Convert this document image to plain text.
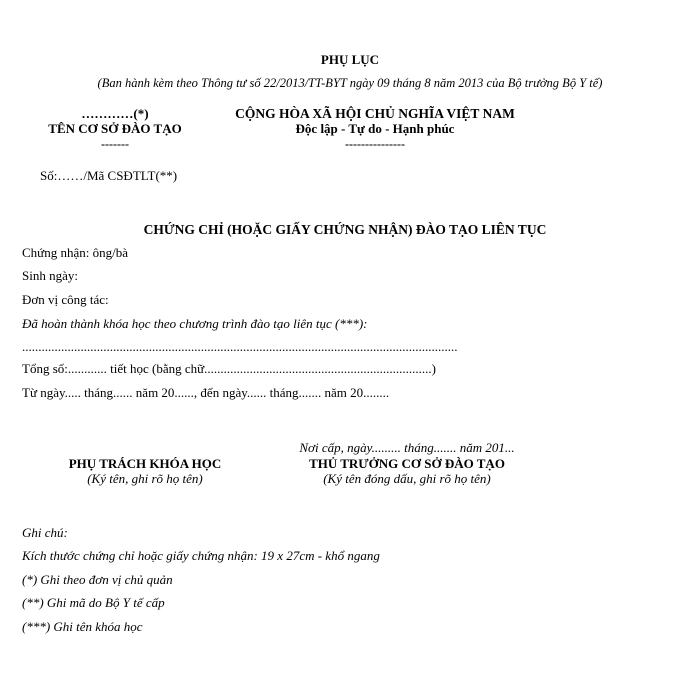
PHỤ LỤC
(Ban hành kèm theo Thông tư số 22/2013/TT-BYT ngày 09 tháng 8 năm 2013 của Bộ trưởng Bộ Y tế)
…………(*)
TÊN CƠ SỞ ĐÀO TẠO
-------
Số:……/Mã CSĐTLT(**)
CỘNG HÒA XÃ HỘI CHỦ NGHĨA VIỆT NAM
Độc lập - Tự do - Hạnh phúc
---------------
CHỨNG CHỈ (HOẶC GIẤY CHỨNG NHẬN) ĐÀO TẠO LIÊN TỤC
Chứng nhận: ông/bà
Sinh ngày:
Đơn vị công tác:
Đã hoàn thành khóa học theo chương trình đào tạo liên tục (***):
......................................................................................................................................
Tổng số:............ tiết học (bằng chữ......................................................................)
Từ ngày..... tháng...... năm 20......, đến ngày...... tháng....... năm 20........
Nơi cấp, ngày......... tháng....... năm 201...
PHỤ TRÁCH KHÓA HỌC
(Ký tên, ghi rõ họ tên)
THỦ TRƯỞNG CƠ SỞ ĐÀO TẠO
(Ký tên đóng dấu, ghi rõ họ tên)
Ghi chú:
Kích thước chứng chỉ hoặc giấy chứng nhận: 19 x 27cm - khổ ngang
(*) Ghi theo đơn vị chủ quản
(**) Ghi mã do Bộ Y tế cấp
(***) Ghi tên khóa học
